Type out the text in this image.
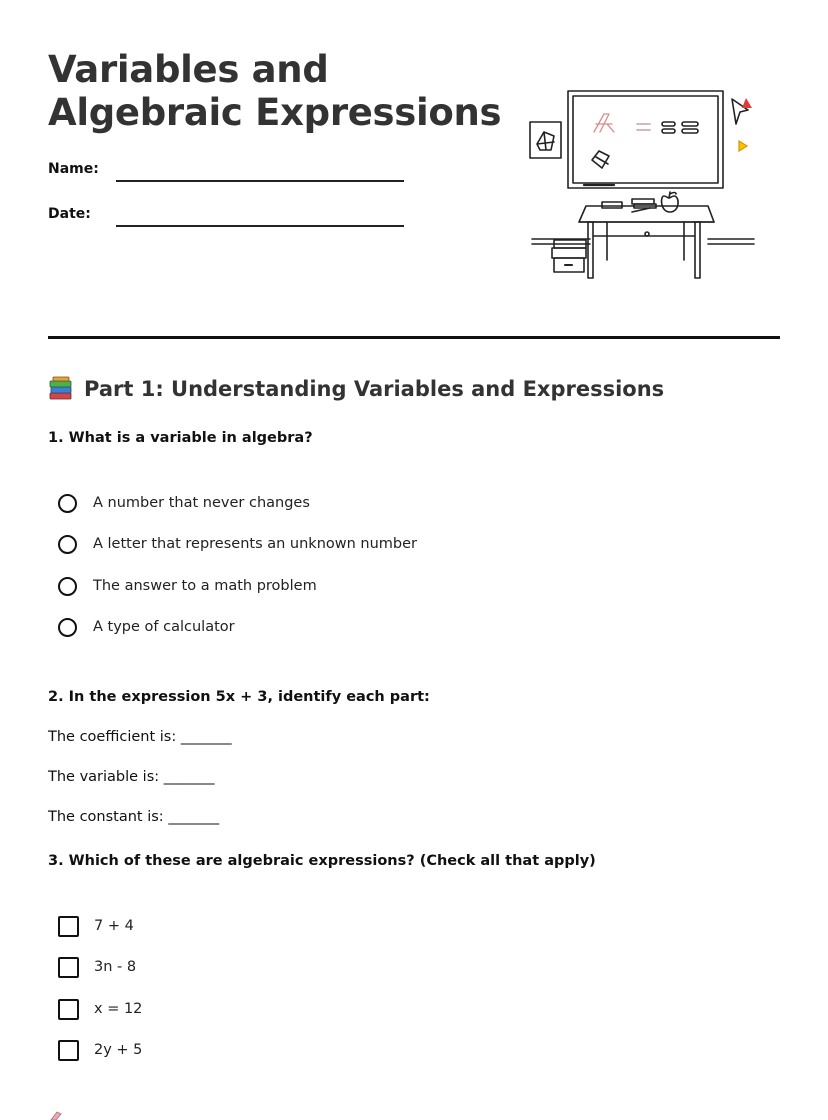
Variables and Algebraic Expressions
Name:
Date:
Part 1: Understanding Variables and Expressions

1. What is a variable in algebra?

A number that never changes
A letter that represents an unknown number
The answer to a math problem
A type of calculator

2. In the expression 5x + 3, identify each part:

The coefficient is: _______
The variable is: _______
The constant is: _______

3. Which of these are algebraic expressions? (Check all that apply)

7 + 4
3n - 8
x = 12
2y + 5
